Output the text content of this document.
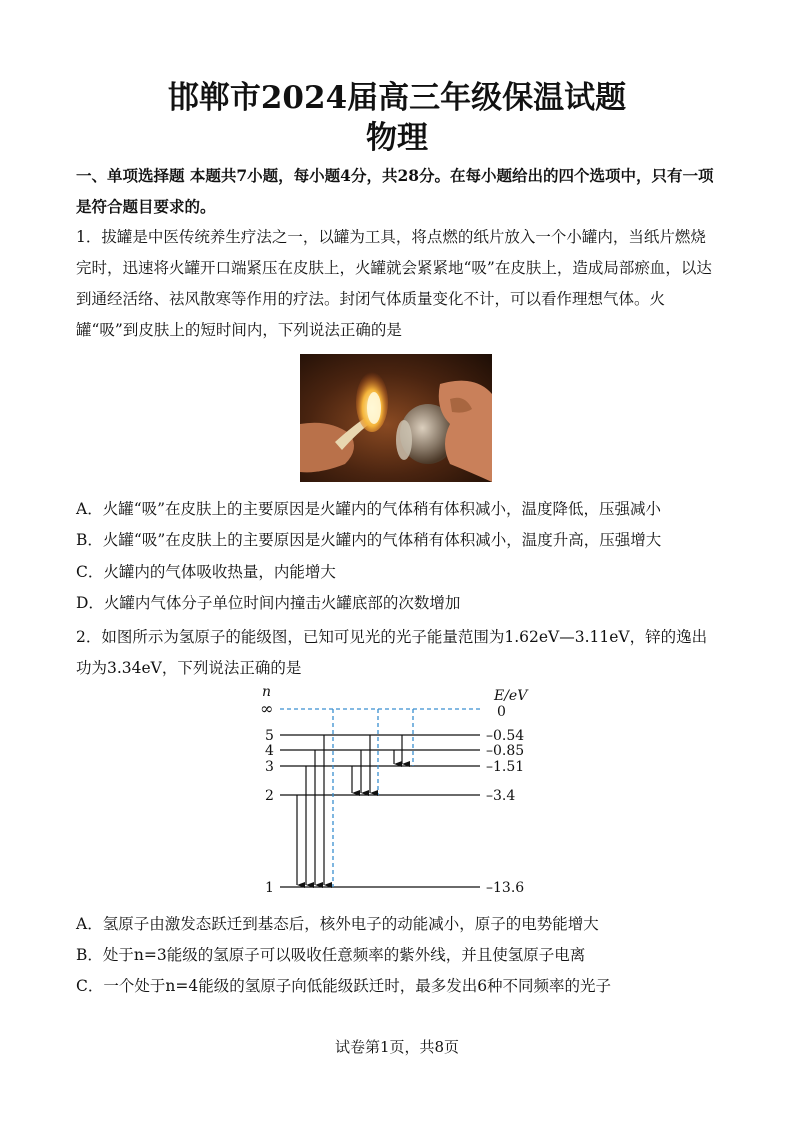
邯郸市2024届高三年级保温试题
物理

一、单项选择题 本题共7小题，每小题4分，共28分。在每小题给出的四个选项中，只有一项是符合题目要求的。

1．拔罐是中医传统养生疗法之一，以罐为工具，将点燃的纸片放入一个小罐内，当纸片燃烧完时，迅速将火罐开口端紧压在皮肤上，火罐就会紧紧地“吸”在皮肤上，造成局部瘀血，以达到通经活络、祛风散寒等作用的疗法。封闭气体质量变化不计，可以看作理想气体。火罐“吸”到皮肤上的短时间内，下列说法正确的是

A．火罐“吸”在皮肤上的主要原因是火罐内的气体稍有体积减小，温度降低，压强减小

B．火罐“吸”在皮肤上的主要原因是火罐内的气体稍有体积减小，温度升高，压强增大

C．火罐内的气体吸收热量，内能增大

D．火罐内气体分子单位时间内撞击火罐底部的次数增加

2．如图所示为氢原子的能级图，已知可见光的光子能量范围为1.62eV—3.11eV，锌的逸出功为3.34eV，下列说法正确的是

n
∞
E/eV
0
5
4
3
2
1
–0.54
–0.85
–1.51
–3.4
–13.6

A．氢原子由激发态跃迁到基态后，核外电子的动能减小，原子的电势能增大

B．处于n=3能级的氢原子可以吸收任意频率的紫外线，并且使氢原子电离

C．一个处于n=4能级的氢原子向低能级跃迁时，最多发出6种不同频率的光子

试卷第1页，共8页
